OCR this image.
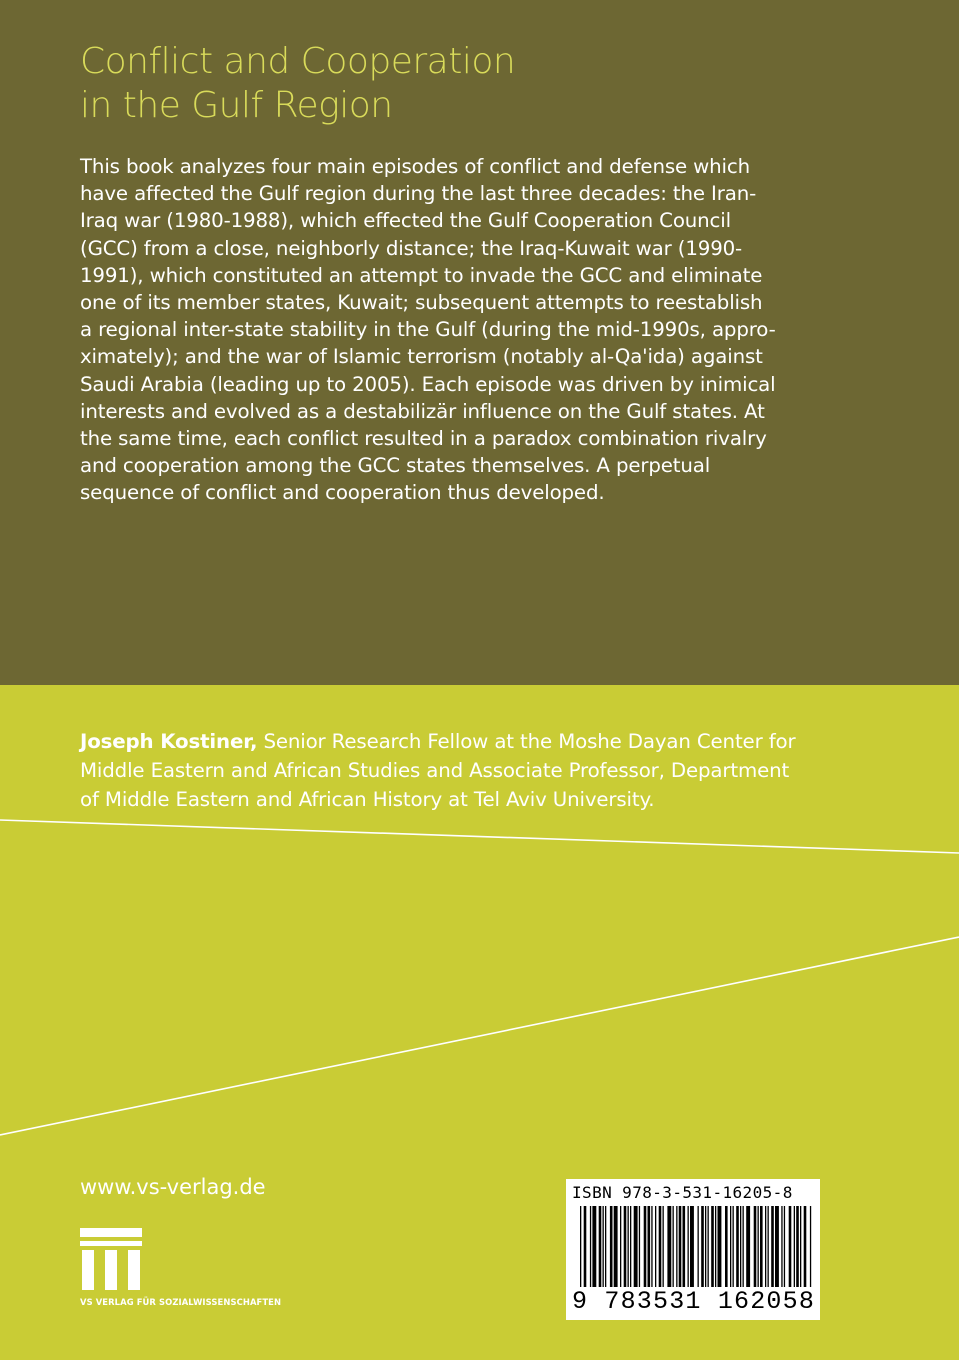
Conflict and Cooperation
in the Gulf Region
This book analyzes four main episodes of conflict and defense which
have affected the Gulf region during the last three decades: the Iran-
Iraq war (1980-1988), which effected the Gulf Cooperation Council
(GCC) from a close, neighborly distance; the Iraq-Kuwait war (1990-
1991), which constituted an attempt to invade the GCC and eliminate
one of its member states, Kuwait; subsequent attempts to reestablish
a regional inter-state stability in the Gulf (during the mid-1990s, appro-
ximately); and the war of Islamic terrorism (notably al-Qa'ida) against
Saudi Arabia (leading up to 2005). Each episode was driven by inimical
interests and evolved as a destabilizär influence on the Gulf states. At
the same time, each conflict resulted in a paradox combination rivalry
and cooperation among the GCC states themselves. A perpetual
sequence of conflict and cooperation thus developed.
Joseph Kostiner, Senior Research Fellow at the Moshe Dayan Center for
Middle Eastern and African Studies and Associate Professor, Department
of Middle Eastern and African History at Tel Aviv University.
www.vs-verlag.de
VS VERLAG FÜR SOZIALWISSENSCHAFTEN
ISBN 978-3-531-16205-8
9 783531 162058
